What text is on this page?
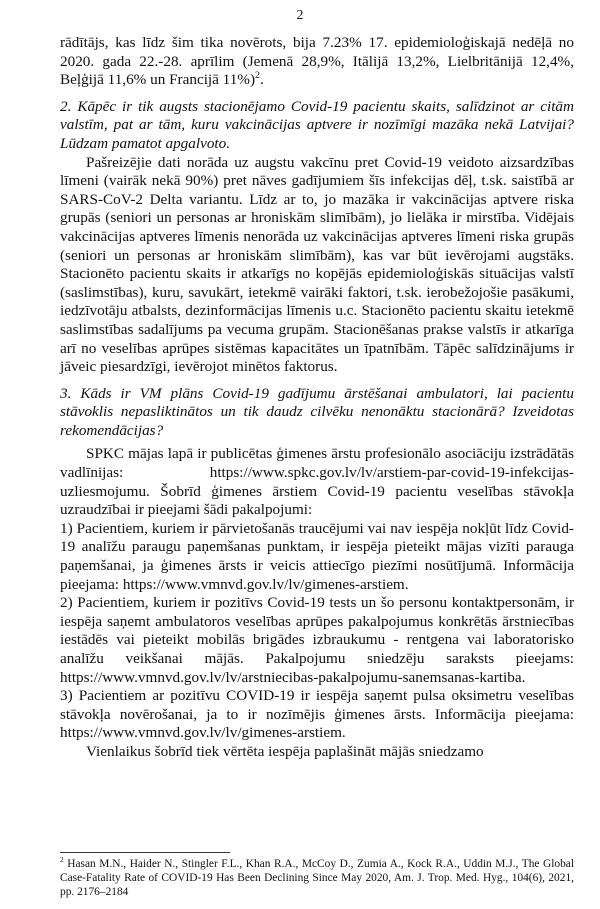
2

rādītājs, kas līdz šim tika novērots, bija 7.23% 17. epidemioloģiskajā nedēļā no 2020. gada 22.-28. aprīlim (Jemenā 28,9%, Itālijā 13,2%, Lielbritānijā 12,4%, Beļģijā 11,6% un Francijā 11%)$^2$.

2. Kāpēc ir tik augsts stacionējamo Covid-19 pacientu skaits, salīdzinot ar citām valstīm, pat ar tām, kuru vakcinācijas aptvere ir nozīmīgi mazāka nekā Latvijai? Lūdzam pamatot apgalvoto.

Pašreizējie dati norāda uz augstu vakcīnu pret Covid-19 veidoto aizsardzības līmeni (vairāk nekā 90%) pret nāves gadījumiem šīs infekcijas dēļ, t.sk. saistībā ar SARS-CoV-2 Delta variantu. Līdz ar to, jo mazāka ir vakcinācijas aptvere riska grupās (seniori un personas ar hroniskām slimībām), jo lielāka ir mirstība. Vidējais vakcinācijas aptveres līmenis nenorāda uz vakcinācijas aptveres līmeni riska grupās (seniori un personas ar hroniskām slimībām), kas var būt ievērojami augstāks. Stacionēto pacientu skaits ir atkarīgs no kopējās epidemioloģiskās situācijas valstī (saslimstības), kuru, savukārt, ietekmē vairāki faktori, t.sk. ierobežojošie pasākumi, iedzīvotāju atbalsts, dezinformācijas līmenis u.c. Stacionēto pacientu skaitu ietekmē saslimstības sadalījums pa vecuma grupām. Stacionēšanas prakse valstīs ir atkarīga arī no veselības aprūpes sistēmas kapacitātes un īpatnībām. Tāpēc salīdzinājums ir jāveic piesardzīgi, ievērojot minētos faktorus.

3. Kāds ir VM plāns Covid-19 gadījumu ārstēšanai ambulatori, lai pacientu stāvoklis nepasliktinātos un tik daudz cilvēku nenonāktu stacionārā? Izveidotas rekomendācijas?

SPKC mājas lapā ir publicētas ģimenes ārstu profesionālo asociāciju izstrādātās vadlīnijas: https://www.spkc.gov.lv/lv/arstiem-par-covid-19-infekcijas-uzliesmojumu. Šobrīd ģimenes ārstiem Covid-19 pacientu veselības stāvokļa uzraudzībai ir pieejami šādi pakalpojumi:

1) Pacientiem, kuriem ir pārvietošanās traucējumi vai nav iespēja nokļūt līdz Covid-19 analīžu paraugu paņemšanas punktam, ir iespēja pieteikt mājas vizīti parauga paņemšanai, ja ģimenes ārsts ir veicis attiecīgo piezīmi nosūtījumā. Informācija pieejama: https://www.vmnvd.gov.lv/lv/gimenes-arstiem.

2) Pacientiem, kuriem ir pozitīvs Covid-19 tests un šo personu kontaktpersonām, ir iespēja saņemt ambulatoros veselības aprūpes pakalpojumus konkrētās ārstniecības iestādēs vai pieteikt mobilās brigādes izbraukumu - rentgena vai laboratorisko analīžu veikšanai mājās. Pakalpojumu sniedzēju saraksts pieejams: https://www.vmnvd.gov.lv/lv/arstniecibas-pakalpojumu-sanemsanas-kartiba.

3) Pacientiem ar pozitīvu COVID-19 ir iespēja saņemt pulsa oksimetru veselības stāvokļa novērošanai, ja to ir nozīmējis ģimenes ārsts. Informācija pieejama: https://www.vmnvd.gov.lv/lv/gimenes-arstiem.

Vienlaikus šobrīd tiek vērtēta iespēja paplašināt mājās sniedzamo

$^2$ Hasan M.N., Haider N., Stingler F.L., Khan R.A., McCoy D., Zumia A., Kock R.A., Uddin M.J., The Global Case-Fatality Rate of COVID-19 Has Been Declining Since May 2020, Am. J. Trop. Med. Hyg., 104(6), 2021, pp. 2176–2184
